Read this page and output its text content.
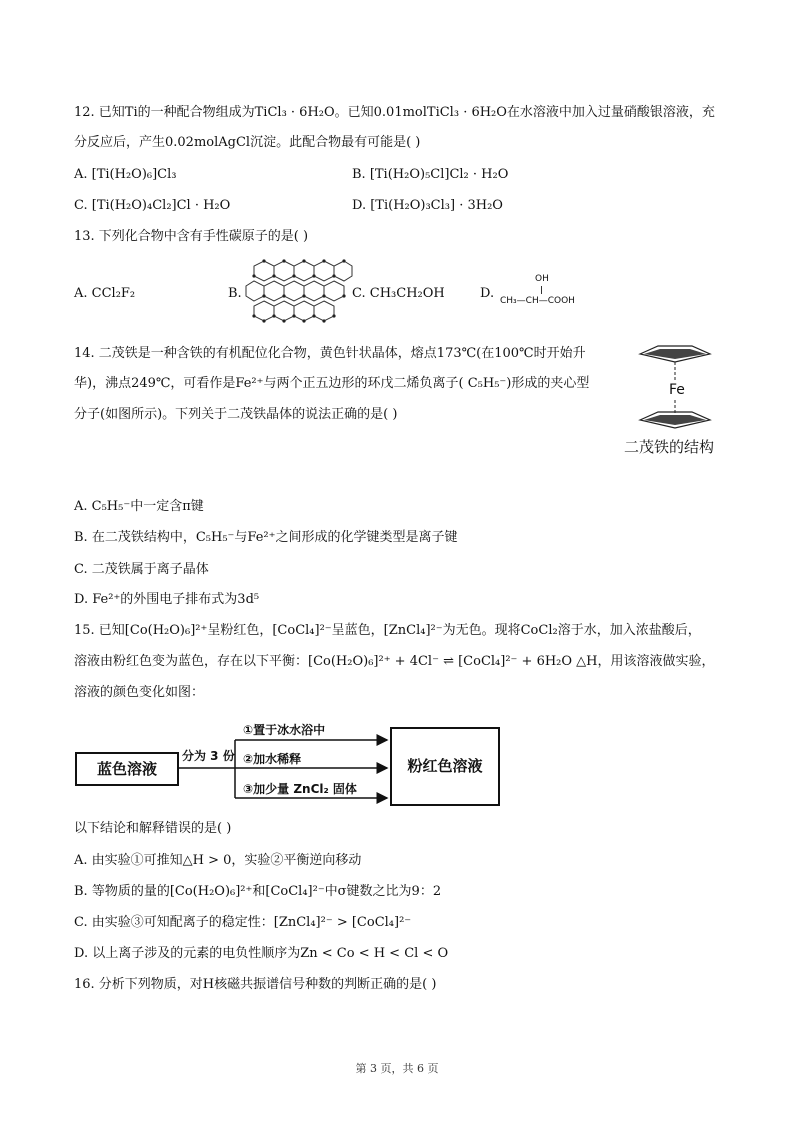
12. 已知Ti的一种配合物组成为TiCl₃ · 6H₂O。已知0.01molTiCl₃ · 6H₂O在水溶液中加入过量硝酸银溶液，充
分反应后，产生0.02molAgCl沉淀。此配合物最有可能是( )
A. [Ti(H₂O)₆]Cl₃	B. [Ti(H₂O)₅Cl]Cl₂ · H₂O
C. [Ti(H₂O)₄Cl₂]Cl · H₂O	D. [Ti(H₂O)₃Cl₃] · 3H₂O
13. 下列化合物中含有手性碳原子的是( )
A. CCl₂F₂	B.	C. CH₃CH₂OH	D.
OH
CH₃—CH—COOH
14. 二茂铁是一种含铁的有机配位化合物，黄色针状晶体，熔点173℃(在100℃时开始升
华)，沸点249℃，可看作是Fe²⁺与两个正五边形的环戊二烯负离子( C₅H₅⁻)形成的夹心型
分子(如图所示)。下列关于二茂铁晶体的说法正确的是( )
Fe
二茂铁的结构
A. C₅H₅⁻中一定含π键
B. 在二茂铁结构中，C₅H₅⁻与Fe²⁺之间形成的化学键类型是离子键
C. 二茂铁属于离子晶体
D. Fe²⁺的外围电子排布式为3d⁵
15. 已知[Co(H₂O)₆]²⁺呈粉红色，[CoCl₄]²⁻呈蓝色，[ZnCl₄]²⁻为无色。现将CoCl₂溶于水，加入浓盐酸后，
溶液由粉红色变为蓝色，存在以下平衡：[Co(H₂O)₆]²⁺ + 4Cl⁻ ⇌ [CoCl₄]²⁻ + 6H₂O △H，用该溶液做实验，
溶液的颜色变化如图：
蓝色溶液
分为 3 份
粉红色溶液
①置于冰水浴中
②加水稀释
③加少量 ZnCl₂ 固体
以下结论和解释错误的是( )
A. 由实验①可推知△H > 0，实验②平衡逆向移动
B. 等物质的量的[Co(H₂O)₆]²⁺和[CoCl₄]²⁻中σ键数之比为9：2
C. 由实验③可知配离子的稳定性：[ZnCl₄]²⁻ > [CoCl₄]²⁻
D. 以上离子涉及的元素的电负性顺序为Zn < Co < H < Cl < O
16. 分析下列物质，对H核磁共振谱信号种数的判断正确的是( )
第 3 页，共 6 页
